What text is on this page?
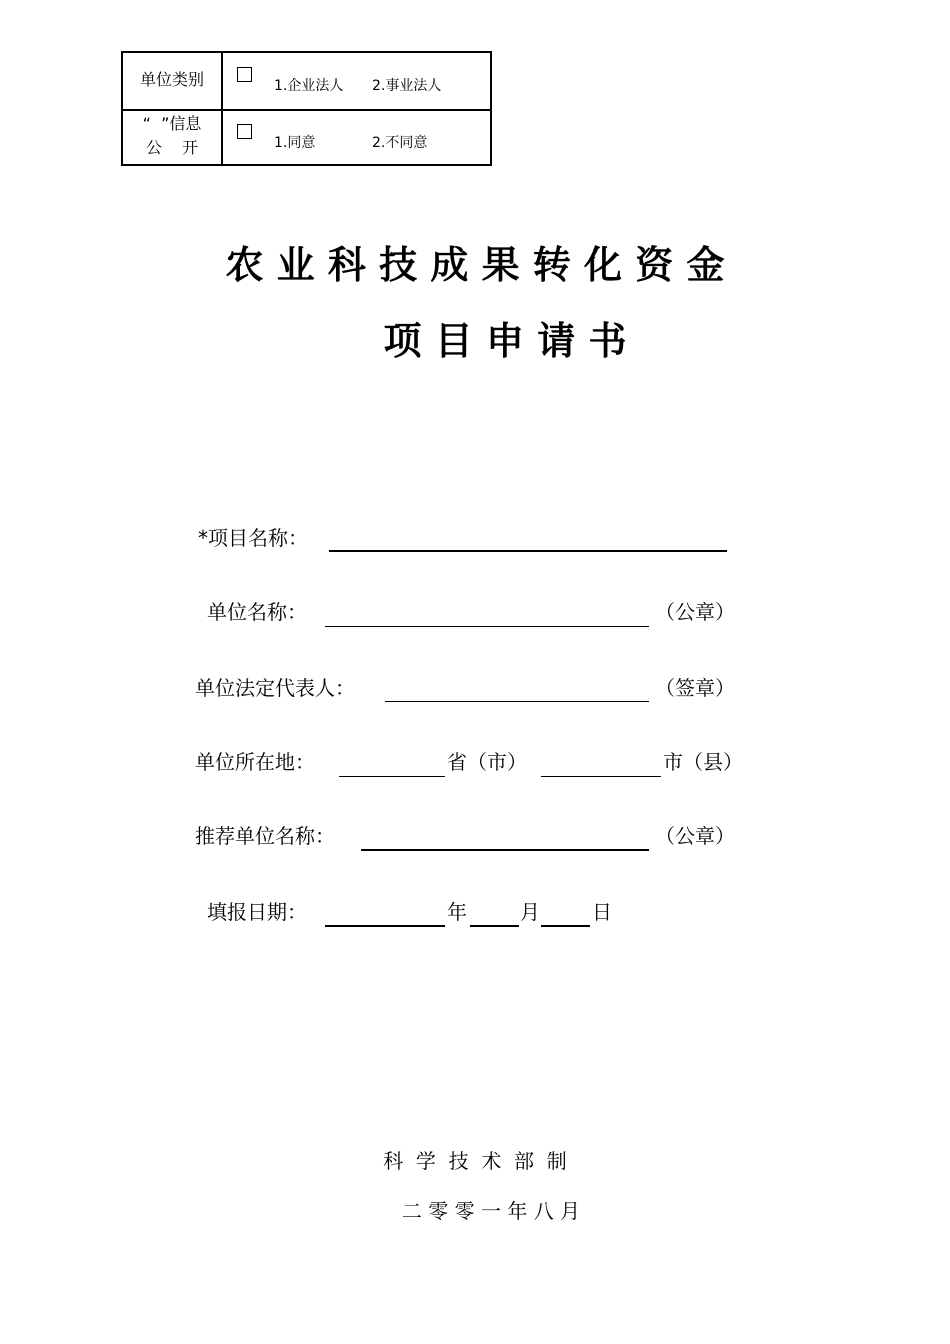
单位类别	1.企业法人 2.事业法人
“  ”信息
公    开	1.同意	2.不同意
农 业 科 技 成 果 转 化 资 金
项 目 申 请 书
*项目名称：
单位名称：	（公章）
单位法定代表人：	（签章）
单位所在地：	省（市）	市（县）
推荐单位名称：	（公章）
填报日期：	年	月	日
科  学  技  术  部  制
二 零 零 一 年 八 月
